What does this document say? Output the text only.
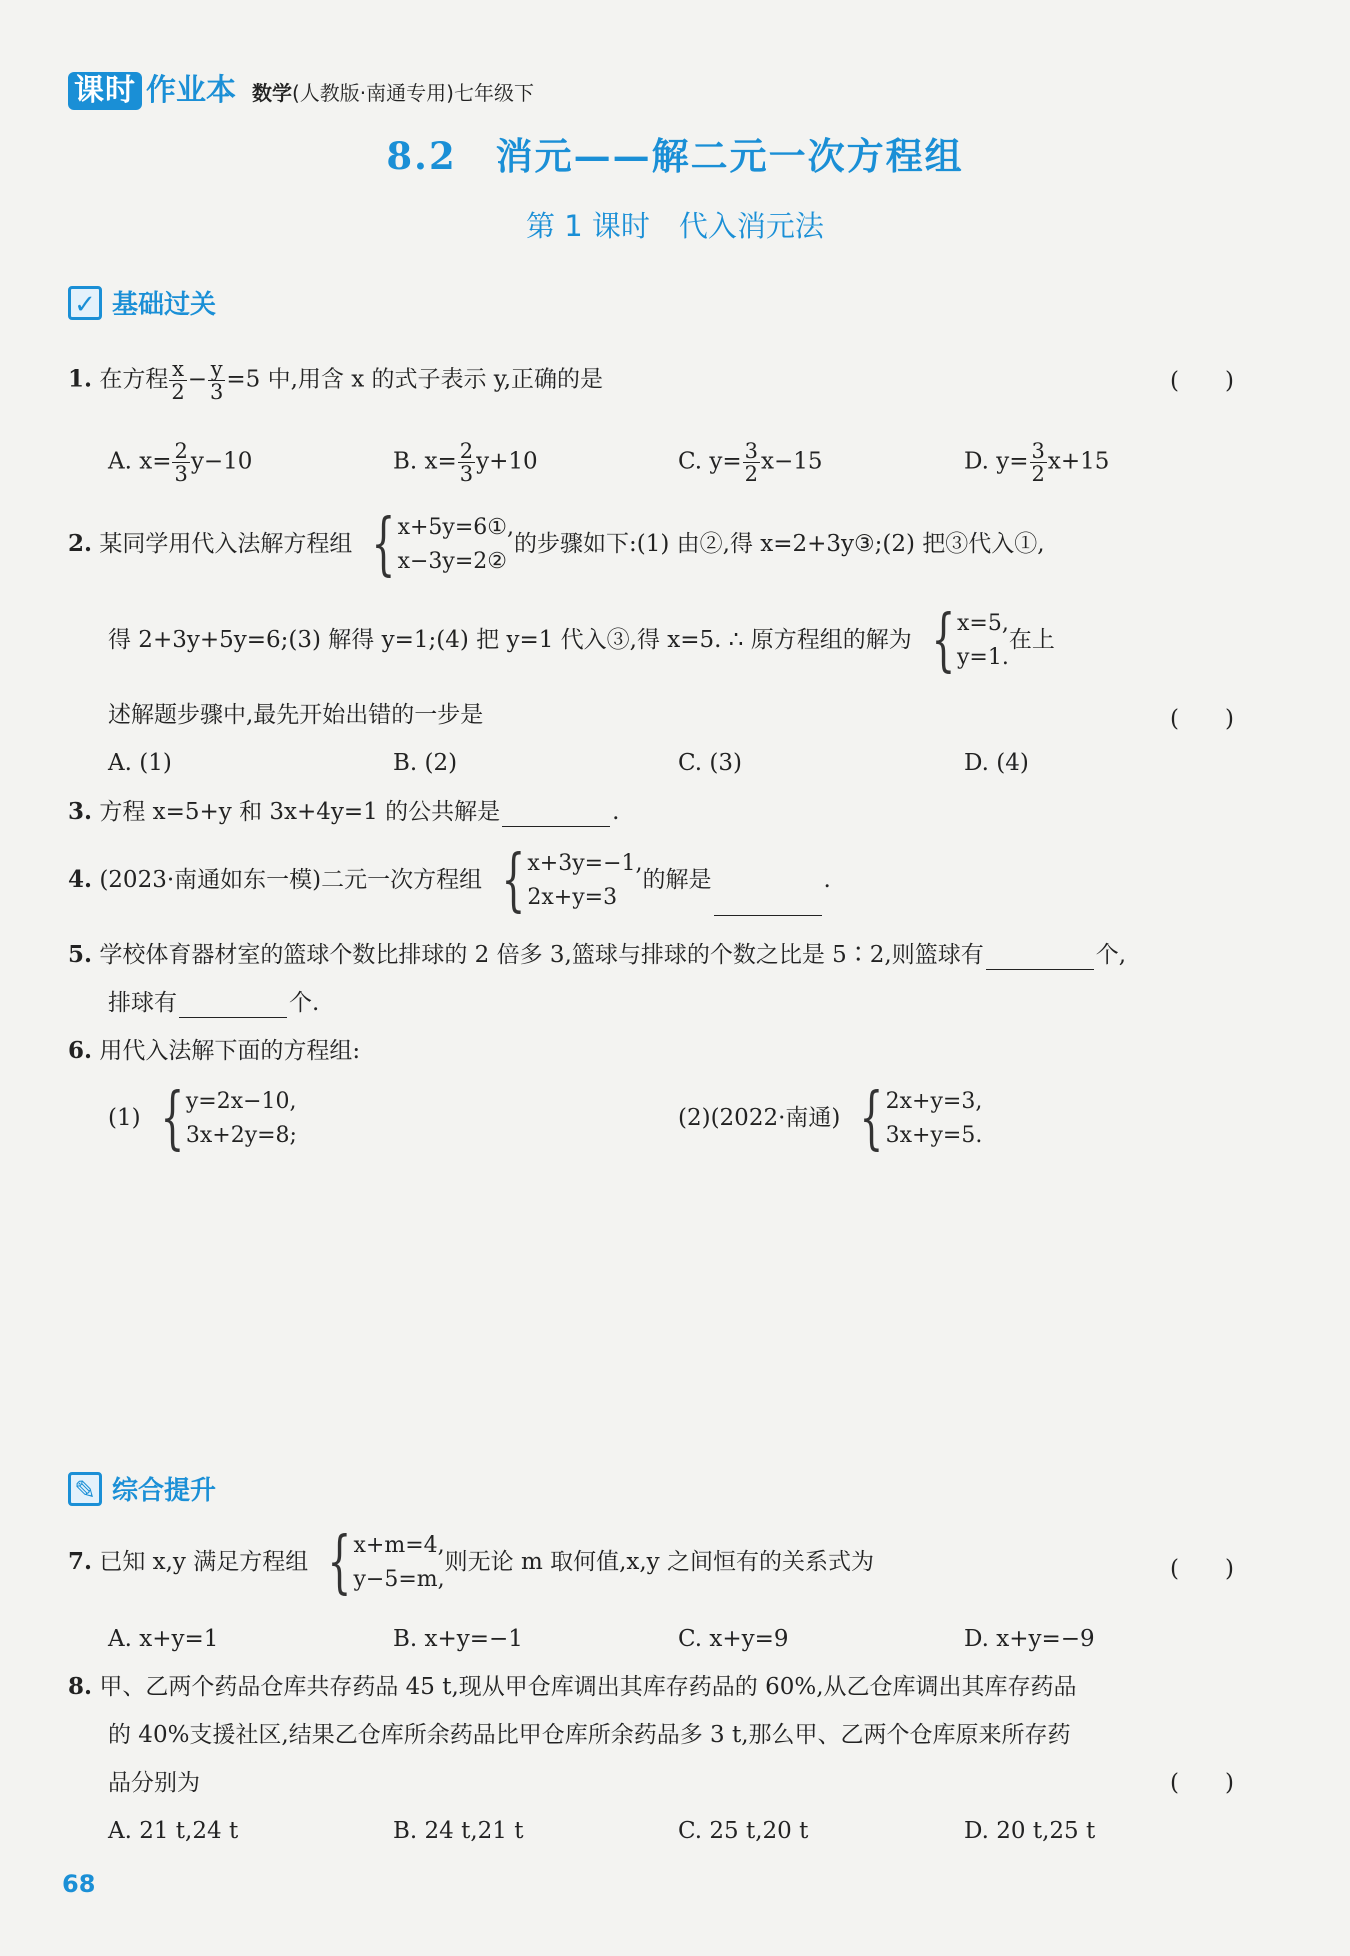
课时 作业本 数学(人教版·南通专用)七年级下
8.2　消元——解二元一次方程组
第 1 课时　代入消元法
✓ 基础过关
1. 在方程 $\frac{x}{2} - \frac{y}{3} =5$ 中,用含 x 的式子表示 y,正确的是	(　　)
A. $x= \frac{2}{3} y-10$	B. $x= \frac{2}{3} y+10$	C. $y= \frac{3}{2} x-15$	D. $y= \frac{3}{2} x+15$
2. 某同学用代入法解方程组 { x+5y=6①,
x−3y=2②
的步骤如下:(1) 由②,得 x=2+3y③;(2) 把③代入①,
得 2+3y+5y=6;(3) 解得 y=1;(4) 把 y=1 代入③,得 x=5. ∴ 原方程组的解为 { x=5,
y=1.
在上
述解题步骤中,最先开始出错的一步是	(　　)
A. (1)	B. (2)	C. (3)	D. (4)
3. 方程 x=5+y 和 3x+4y=1 的公共解是	.
4. (2023·南通如东一模)二元一次方程组 { x+3y=−1,
2x+y=3
的解是	.
5. 学校体育器材室的篮球个数比排球的 2 倍多 3,篮球与排球的个数之比是 5∶2,则篮球有	个,
排球有	个.
6. 用代入法解下面的方程组:
(1) { y=2x−10,
3x+2y=8;
(2)(2022·南通) { 2x+y=3,
3x+y=5.
✎ 综合提升
7. 已知 x,y 满足方程组 { x+m=4,
y−5=m,
则无论 m 取何值,x,y 之间恒有的关系式为	(　　)
A. x+y=1	B. x+y=−1	C. x+y=9	D. x+y=−9
8. 甲、乙两个药品仓库共存药品 45 t,现从甲仓库调出其库存药品的 60%,从乙仓库调出其库存药品
的 40%支援社区,结果乙仓库所余药品比甲仓库所余药品多 3 t,那么甲、乙两个仓库原来所存药
品分别为	(　　)
A. 21 t,24 t	B. 24 t,21 t	C. 25 t,20 t	D. 20 t,25 t
68
